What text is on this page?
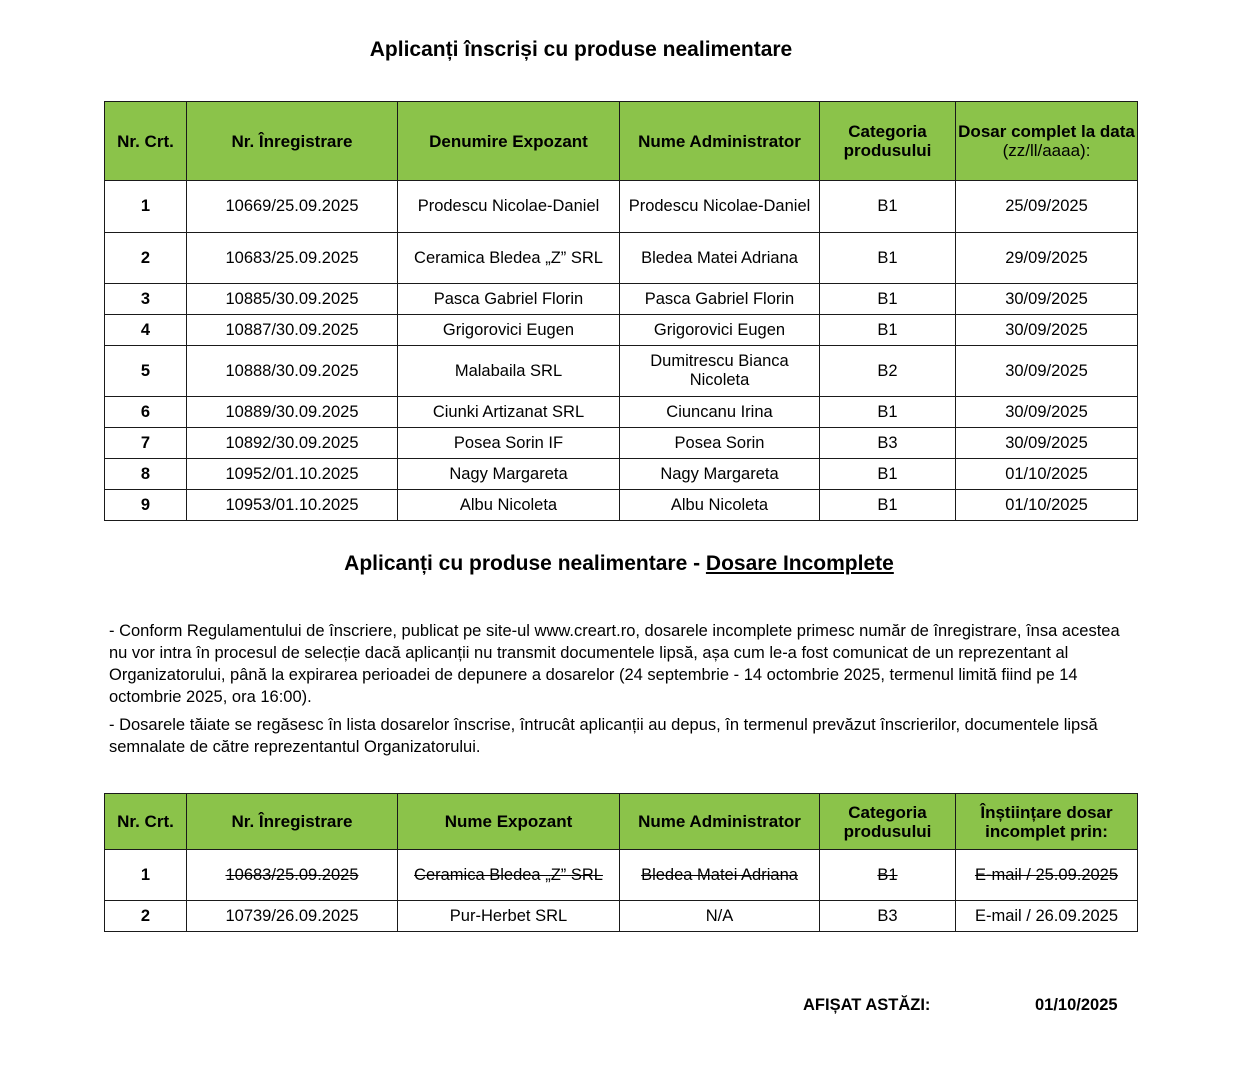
Aplicanți înscriși cu produse nealimentare
Nr. Crt.	Nr. Înregistrare	Denumire Expozant	Nume Administrator	Categoria produsului	Dosar complet la data
(zz/ll/aaaa):

1	10669/25.09.2025	Prodescu Nicolae-Daniel	Prodescu Nicolae-Daniel	B1	25/09/2025
2	10683/25.09.2025	Ceramica Bledea „Z” SRL	Bledea Matei Adriana	B1	29/09/2025
3	10885/30.09.2025	Pasca Gabriel Florin	Pasca Gabriel Florin	B1	30/09/2025
4	10887/30.09.2025	Grigorovici Eugen	Grigorovici Eugen	B1	30/09/2025
5	10888/30.09.2025	Malabaila SRL	Dumitrescu Bianca Nicoleta	B2	30/09/2025
6	10889/30.09.2025	Ciunki Artizanat SRL	Ciuncanu Irina	B1	30/09/2025
7	10892/30.09.2025	Posea Sorin IF	Posea Sorin	B3	30/09/2025
8	10952/01.10.2025	Nagy Margareta	Nagy Margareta	B1	01/10/2025
9	10953/01.10.2025	Albu Nicoleta	Albu Nicoleta	B1	01/10/2025
Aplicanți cu produse nealimentare - Dosare Incomplete

- Conform Regulamentului de înscriere, publicat pe site-ul www.creart.ro, dosarele incomplete primesc număr de înregistrare, însa acestea nu vor intra în procesul de selecție dacă aplicanții nu transmit documentele lipsă, așa cum le-a fost comunicat de un reprezentant al Organizatorului, până la expirarea perioadei de depunere a dosarelor (24 septembrie - 14 octombrie 2025, termenul limită fiind pe 14 octombrie 2025, ora 16:00).

- Dosarele tăiate se regăsesc în lista dosarelor înscrise, întrucât aplicanții au depus, în termenul prevăzut înscrierilor, documentele lipsă semnalate de către reprezentantul Organizatorului.

Nr. Crt.	Nr. Înregistrare	Nume Expozant	Nume Administrator	Categoria produsului	Înștiințare dosar incomplet prin:
1	10683/25.09.2025	Ceramica Bledea „Z” SRL	Bledea Matei Adriana	B1	E-mail / 25.09.2025
2	10739/26.09.2025	Pur-Herbet SRL	N/A	B3	E-mail / 26.09.2025
AFIȘAT ASTĂZI:	01/10/2025
